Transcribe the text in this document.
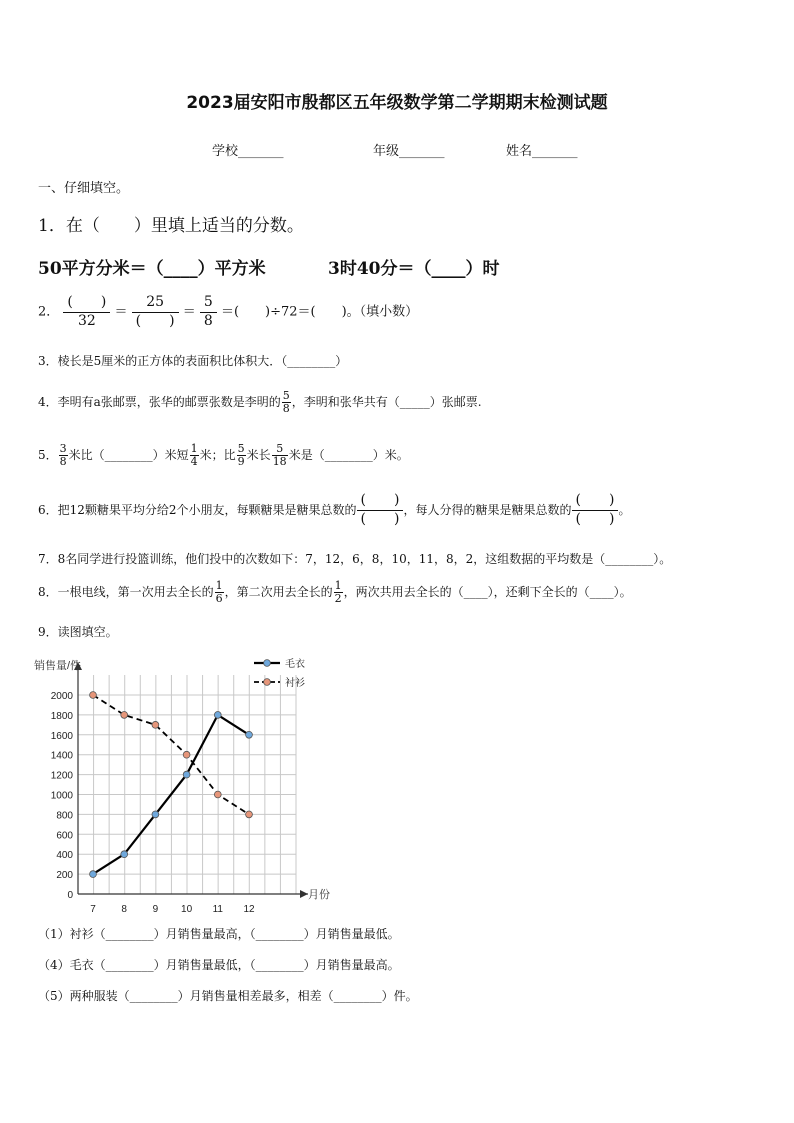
2023届安阳市殷都区五年级数学第二学期期末检测试题
学校_______	年级_______	姓名_______
一、仔细填空。
1．在（　　）里填上适当的分数。
50平方分米＝（____）平方米	3时40分＝（____）时
2．
(　　)
32
＝
25
(　　)
＝ $\frac{5}{8}$ ＝(　　)÷72＝(　　)。（填小数）
3．棱长是5厘米的正方体的表面积比体积大．（________）
4．李明有a张邮票，张华的邮票张数是李明的 $\frac{5}{8}$ ，李明和张华共有（_____）张邮票.
5． $\frac{3}{8}$ 米比（________）米短 $\frac{1}{4}$ 米；比 $\frac{5}{9}$ 米长 $\frac{5}{18}$ 米是（________）米。
6．把12颗糖果平均分给2个小朋友，每颗糖果是糖果总数的
(　　)
(　　)
，每人分得的糖果是糖果总数的
(　　)
(　　)
。
7．8名同学进行投篮训练，他们投中的次数如下：7，12，6，8，10，11，8，2，这组数据的平均数是（________）。
8．一根电线，第一次用去全长的 $\frac{1}{6}$ ，第二次用去全长的 $\frac{1}{2}$ ，两次共用去全长的（____），还剩下全长的（____）。
9．读图填空。
0
200
400
600
800
1000
1200
1400
1600
1800
2000
7	8	9 10 11 12
毛衣
衬衫
销售量/件
月份
（1）衬衫（________）月销售量最高，（________）月销售量最低。
（4）毛衣（________）月销售量最低，（________）月销售量最高。
（5）两种服装（________）月销售量相差最多，相差（________）件。
